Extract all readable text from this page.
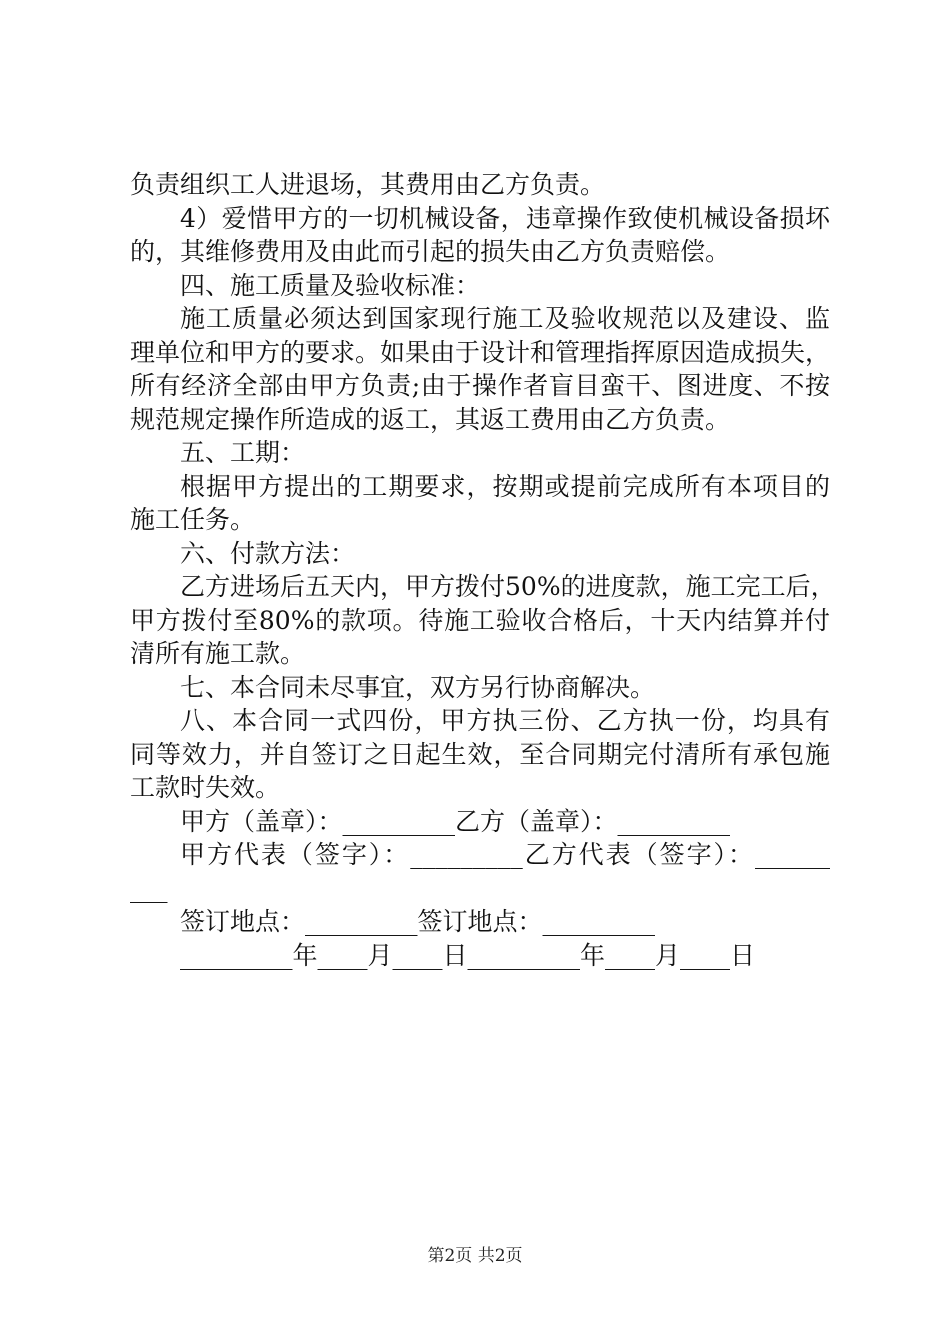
负责组织工人进退场，其费用由乙方负责。
4）爱惜甲方的一切机械设备，违章操作致使机械设备损坏
的，其维修费用及由此而引起的损失由乙方负责赔偿。
四、施工质量及验收标准：
施工质量必须达到国家现行施工及验收规范以及建设、监
理单位和甲方的要求。如果由于设计和管理指挥原因造成损失，
所有经济全部由甲方负责;由于操作者盲目蛮干、图进度、不按
规范规定操作所造成的返工，其返工费用由乙方负责。
五、工期：
根据甲方提出的工期要求，按期或提前完成所有本项目的
施工任务。
六、付款方法：
乙方进场后五天内，甲方拨付50%的进度款，施工完工后，
甲方拨付至80%的款项。待施工验收合格后，十天内结算并付
清所有施工款。
七、本合同未尽事宜，双方另行协商解决。
八、本合同一式四份，甲方执三份、乙方执一份，均具有
同等效力，并自签订之日起生效，至合同期完付清所有承包施
工款时失效。
甲方（盖章）：_________乙方（盖章）：_________
甲方代表（签字）：_________乙方代表（签字）：______
___
签订地点：_________签订地点：_________
_________年____月____日_________年____月____日
第2页 共2页
